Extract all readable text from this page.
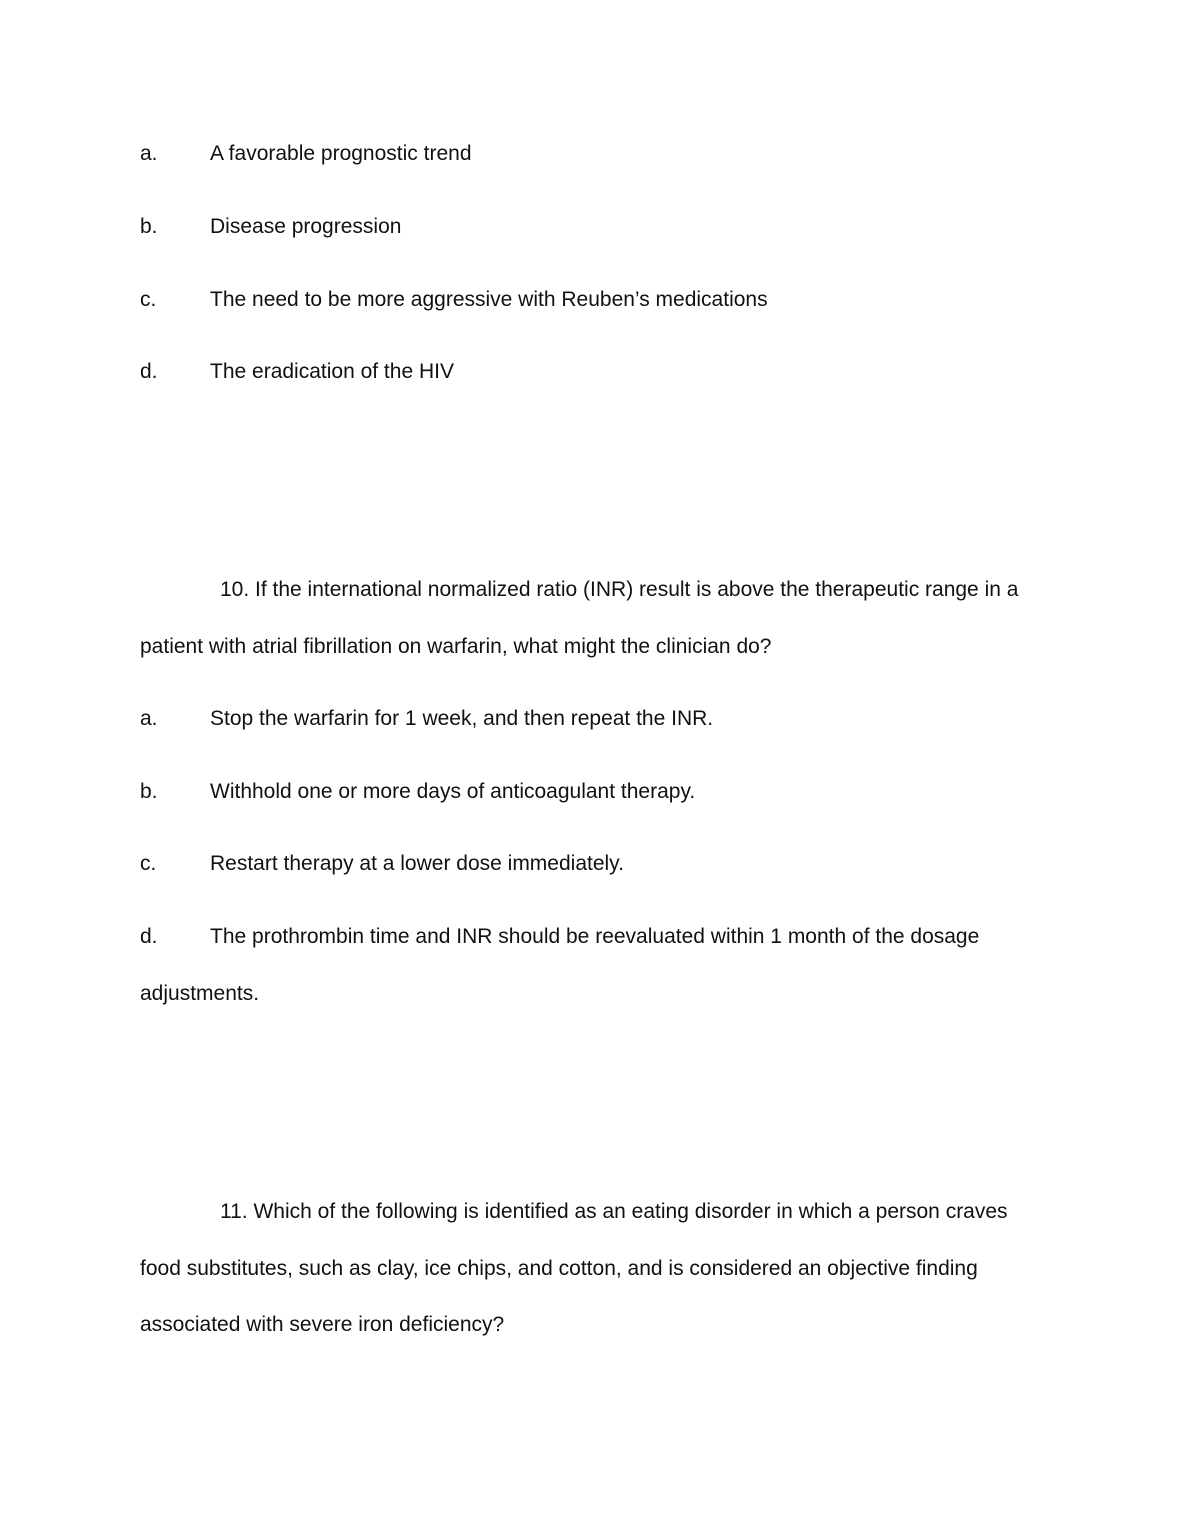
a.	A favorable prognostic trend
b.	Disease progression
c.	The need to be more aggressive with Reuben’s medications
d.	The eradication of the HIV
10. If the international normalized ratio (INR) result is above the therapeutic range in a
patient with atrial fibrillation on warfarin, what might the clinician do?
a.	Stop the warfarin for 1 week, and then repeat the INR.
b.	Withhold one or more days of anticoagulant therapy.
c.	Restart therapy at a lower dose immediately.
d.	The prothrombin time and INR should be reevaluated within 1 month of the dosage
adjustments.
11. Which of the following is identified as an eating disorder in which a person craves
food substitutes, such as clay, ice chips, and cotton, and is considered an objective finding
associated with severe iron deficiency?
